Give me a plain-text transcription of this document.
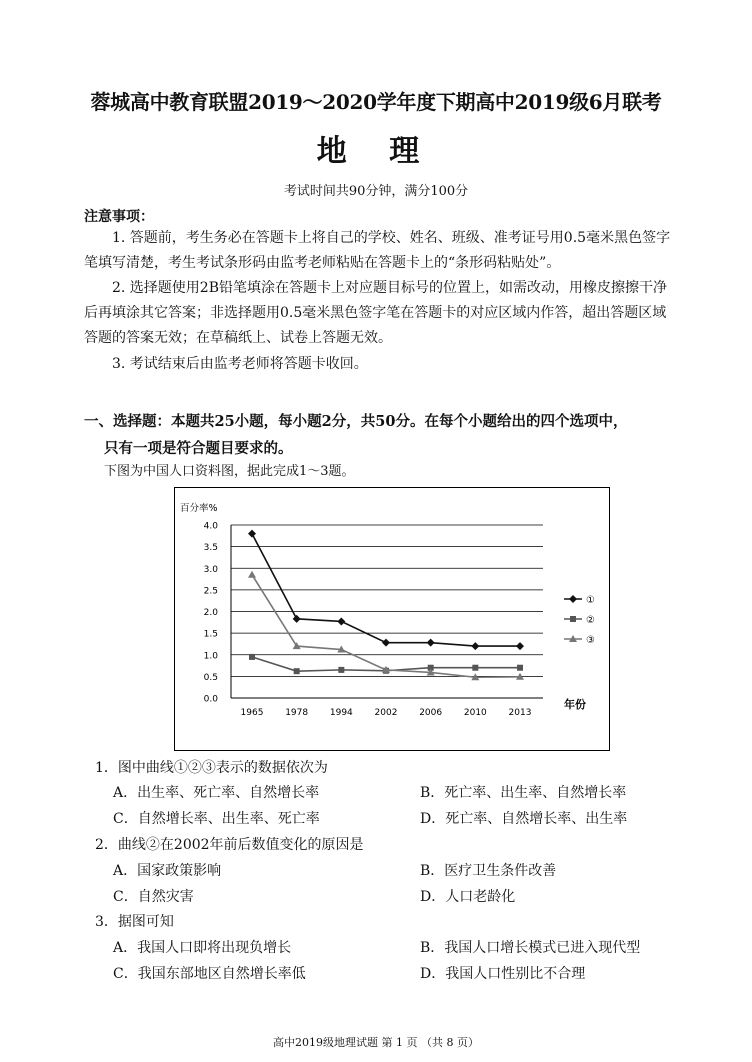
蓉城高中教育联盟2019～2020学年度下期高中2019级6月联考
地 理
考试时间共90分钟，满分100分
注意事项：
1. 答题前，考生务必在答题卡上将自己的学校、姓名、班级、准考证号用0.5毫米黑色签字笔填写清楚，考生考试条形码由监考老师粘贴在答题卡上的“条形码粘贴处”。
2. 选择题使用2B铅笔填涂在答题卡上对应题目标号的位置上，如需改动，用橡皮擦擦干净后再填涂其它答案；非选择题用0.5毫米黑色签字笔在答题卡的对应区域内作答，超出答题区域答题的答案无效；在草稿纸上、试卷上答题无效。
3. 考试结束后由监考老师将答题卡收回。
一、选择题：本题共25小题，每小题2分，共50分。在每个小题给出的四个选项中，
只有一项是符合题目要求的。
下图为中国人口资料图，据此完成1～3题。
0.0
0.5
1.0
1.5
2.0
2.5
3.0
3.5
4.0
1965 1978 1994 2002 2006 2010 2013
①
②
③
百分率%
年份
1．图中曲线①②③表示的数据依次为
A．出生率、死亡率、自然增长率	B．死亡率、出生率、自然增长率
C．自然增长率、出生率、死亡率	D．死亡率、自然增长率、出生率
2．曲线②在2002年前后数值变化的原因是
A．国家政策影响	B．医疗卫生条件改善
C．自然灾害	D．人口老龄化
3．据图可知
A．我国人口即将出现负增长	B．我国人口增长模式已进入现代型
C．我国东部地区自然增长率低	D．我国人口性别比不合理
高中2019级地理试题 第 1 页 （共 8 页）
